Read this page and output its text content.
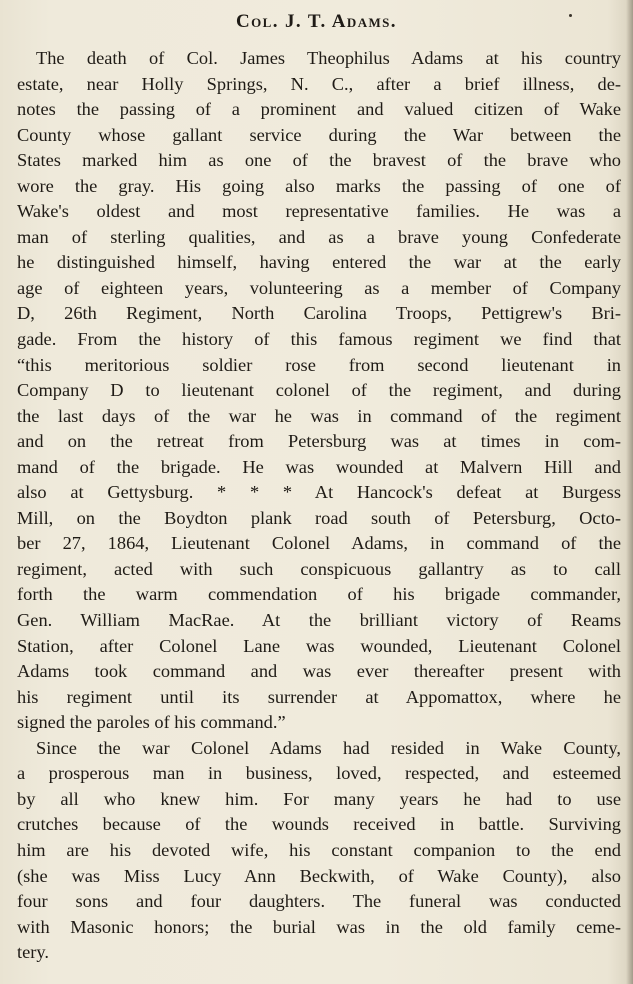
Col. J. T. Adams.

The death of Col. James Theophilus Adams at his country
estate, near Holly Springs, N. C., after a brief illness, de-
notes the passing of a prominent and valued citizen of Wake
County whose gallant service during the War between the
States marked him as one of the bravest of the brave who
wore the gray. His going also marks the passing of one of
Wake's oldest and most representative families. He was a
man of sterling qualities, and as a brave young Confederate
he distinguished himself, having entered the war at the early
age of eighteen years, volunteering as a member of Company
D, 26th Regiment, North Carolina Troops, Pettigrew's Bri-
gade. From the history of this famous regiment we find that
“this meritorious soldier rose from second lieutenant in
Company D to lieutenant colonel of the regiment, and during
the last days of the war he was in command of the regiment
and on the retreat from Petersburg was at times in com-
mand of the brigade. He was wounded at Malvern Hill and
also at Gettysburg. * * * At Hancock's defeat at Burgess
Mill, on the Boydton plank road south of Petersburg, Octo-
ber 27, 1864, Lieutenant Colonel Adams, in command of the
regiment, acted with such conspicuous gallantry as to call
forth the warm commendation of his brigade commander,
Gen. William MacRae. At the brilliant victory of Reams
Station, after Colonel Lane was wounded, Lieutenant Colonel
Adams took command and was ever thereafter present with
his regiment until its surrender at Appomattox, where he
signed the paroles of his command.”

Since the war Colonel Adams had resided in Wake County,
a prosperous man in business, loved, respected, and esteemed
by all who knew him. For many years he had to use
crutches because of the wounds received in battle. Surviving
him are his devoted wife, his constant companion to the end
(she was Miss Lucy Ann Beckwith, of Wake County), also
four sons and four daughters. The funeral was conducted
with Masonic honors; the burial was in the old family ceme-
tery.
